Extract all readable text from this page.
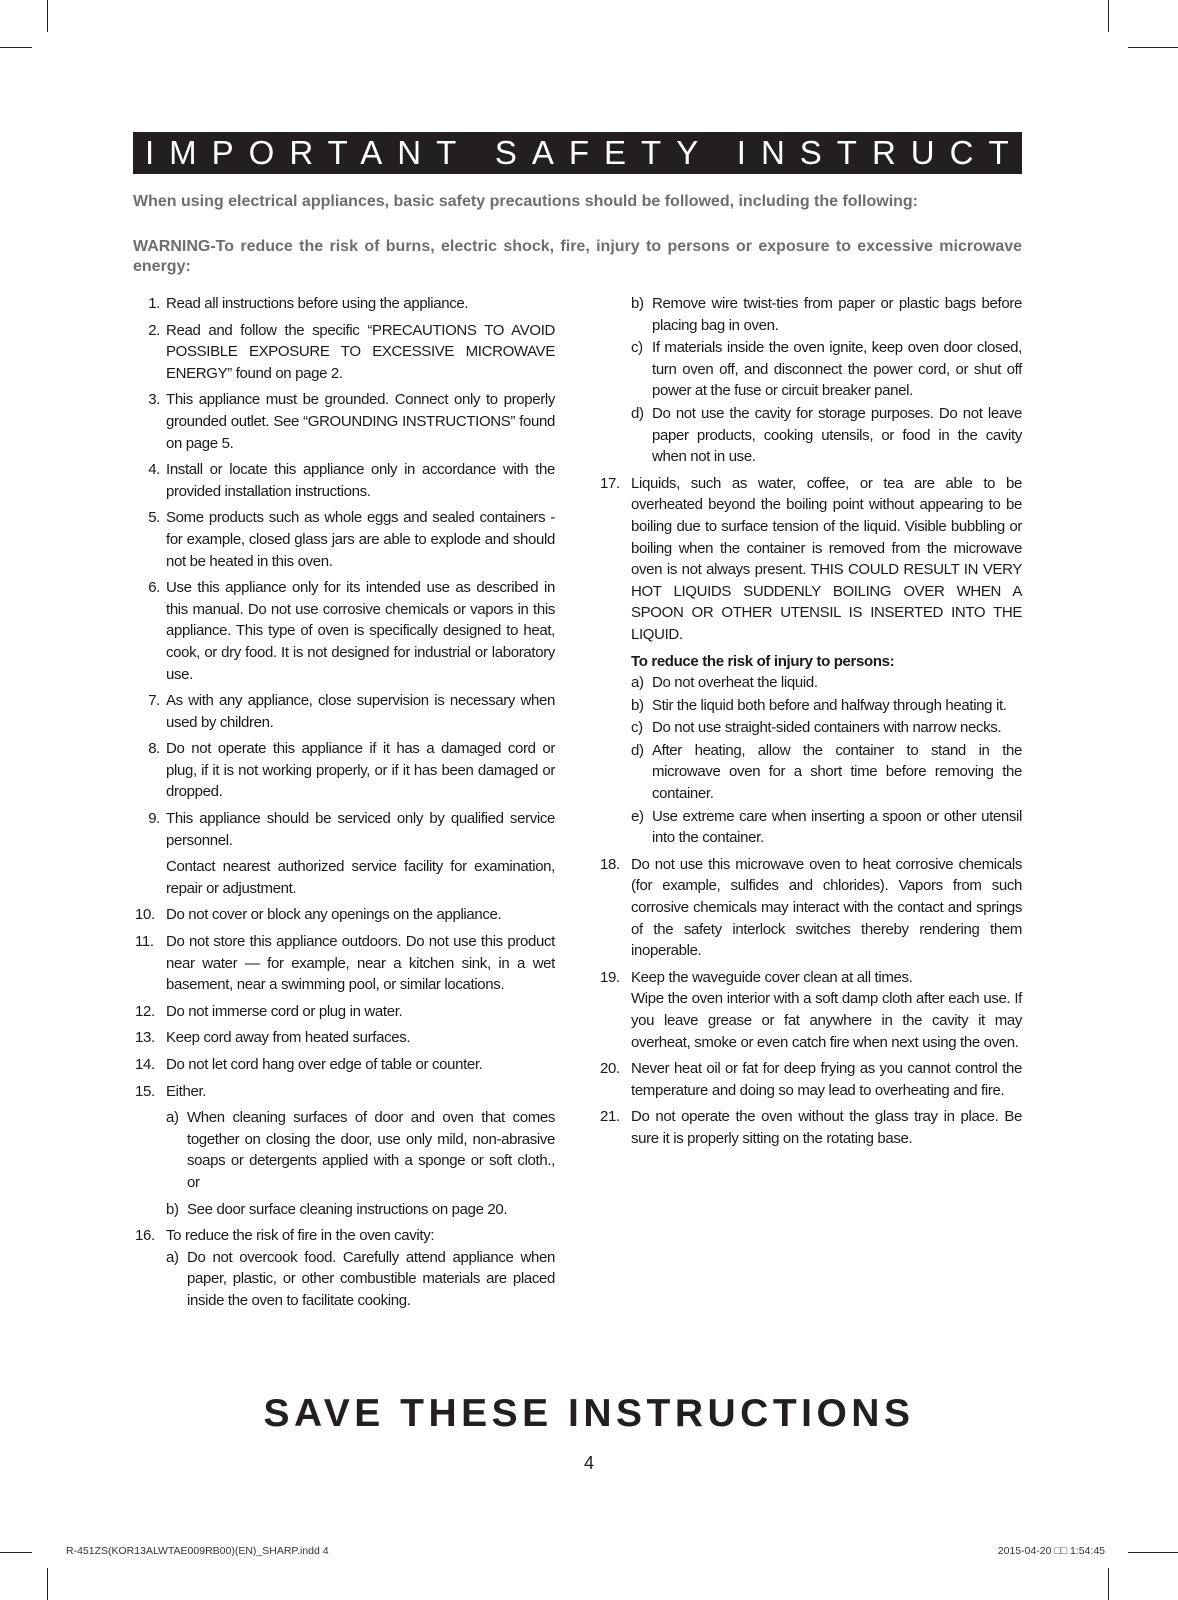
IMPORTANT SAFETY INSTRUCTIONS

When using electrical appliances, basic safety precautions should be followed, including the following:

WARNING-To reduce the risk of burns, electric shock, fire, injury to persons or exposure to excessive microwave energy:

1. Read all instructions before using the appliance.
2. Read and follow the specific “PRECAUTIONS TO AVOID POSSIBLE EXPOSURE TO EXCESSIVE MICROWAVE ENERGY” found on page 2.
3. This appliance must be grounded. Connect only to properly grounded outlet. See “GROUNDING INSTRUCTIONS” found on page 5.
4. Install or locate this appliance only in accordance with the provided installation instructions.
5. Some products such as whole eggs and sealed containers - for example, closed glass jars are able to explode and should not be heated in this oven.
6. Use this appliance only for its intended use as described in this manual. Do not use corrosive chemicals or vapors in this appliance. This type of oven is specifically designed to heat, cook, or dry food. It is not designed for industrial or laboratory use.
7. As with any appliance, close supervision is necessary when used by children.
8. Do not operate this appliance if it has a damaged cord or plug, if it is not working properly, or if it has been damaged or dropped.
9. This appliance should be serviced only by qualified service personnel.
Contact nearest authorized service facility for examination, repair or adjustment.
10. Do not cover or block any openings on the appliance.
11. Do not store this appliance outdoors. Do not use this product near water — for example, near a kitchen sink, in a wet basement, near a swimming pool, or similar locations.
12. Do not immerse cord or plug in water.
13. Keep cord away from heated surfaces.
14. Do not let cord hang over edge of table or counter.
15. Either.
a) When cleaning surfaces of door and oven that comes together on closing the door, use only mild, non-abrasive soaps or detergents applied with a sponge or soft cloth., or
b) See door surface cleaning instructions on page 20.
16. To reduce the risk of fire in the oven cavity:
a) Do not overcook food. Carefully attend appliance when paper, plastic, or other combustible materials are placed inside the oven to facilitate cooking.
b) Remove wire twist-ties from paper or plastic bags before placing bag in oven.
c) If materials inside the oven ignite, keep oven door closed, turn oven off, and disconnect the power cord, or shut off power at the fuse or circuit breaker panel.
d) Do not use the cavity for storage purposes. Do not leave paper products, cooking utensils, or food in the cavity when not in use.
17. Liquids, such as water, coffee, or tea are able to be overheated beyond the boiling point without appearing to be boiling due to surface tension of the liquid. Visible bubbling or boiling when the container is removed from the microwave oven is not always present. THIS COULD RESULT IN VERY HOT LIQUIDS SUDDENLY BOILING OVER WHEN A SPOON OR OTHER UTENSIL IS INSERTED INTO THE LIQUID.
To reduce the risk of injury to persons:
a) Do not overheat the liquid.
b) Stir the liquid both before and halfway through heating it.
c) Do not use straight-sided containers with narrow necks.
d) After heating, allow the container to stand in the microwave oven for a short time before removing the container.
e) Use extreme care when inserting a spoon or other utensil into the container.
18. Do not use this microwave oven to heat corrosive chemicals (for example, sulfides and chlorides). Vapors from such corrosive chemicals may interact with the contact and springs of the safety interlock switches thereby rendering them inoperable.
19. Keep the waveguide cover clean at all times.
Wipe the oven interior with a soft damp cloth after each use. If you leave grease or fat anywhere in the cavity it may overheat, smoke or even catch fire when next using the oven.
20. Never heat oil or fat for deep frying as you cannot control the temperature and doing so may lead to overheating and fire.
21. Do not operate the oven without the glass tray in place. Be sure it is properly sitting on the rotating base.
SAVE THESE INSTRUCTIONS
4
R-451ZS(KOR13ALWTAE009RB00)(EN)_SHARP.indd 4	2015-04-20 □□ 1:54:45
